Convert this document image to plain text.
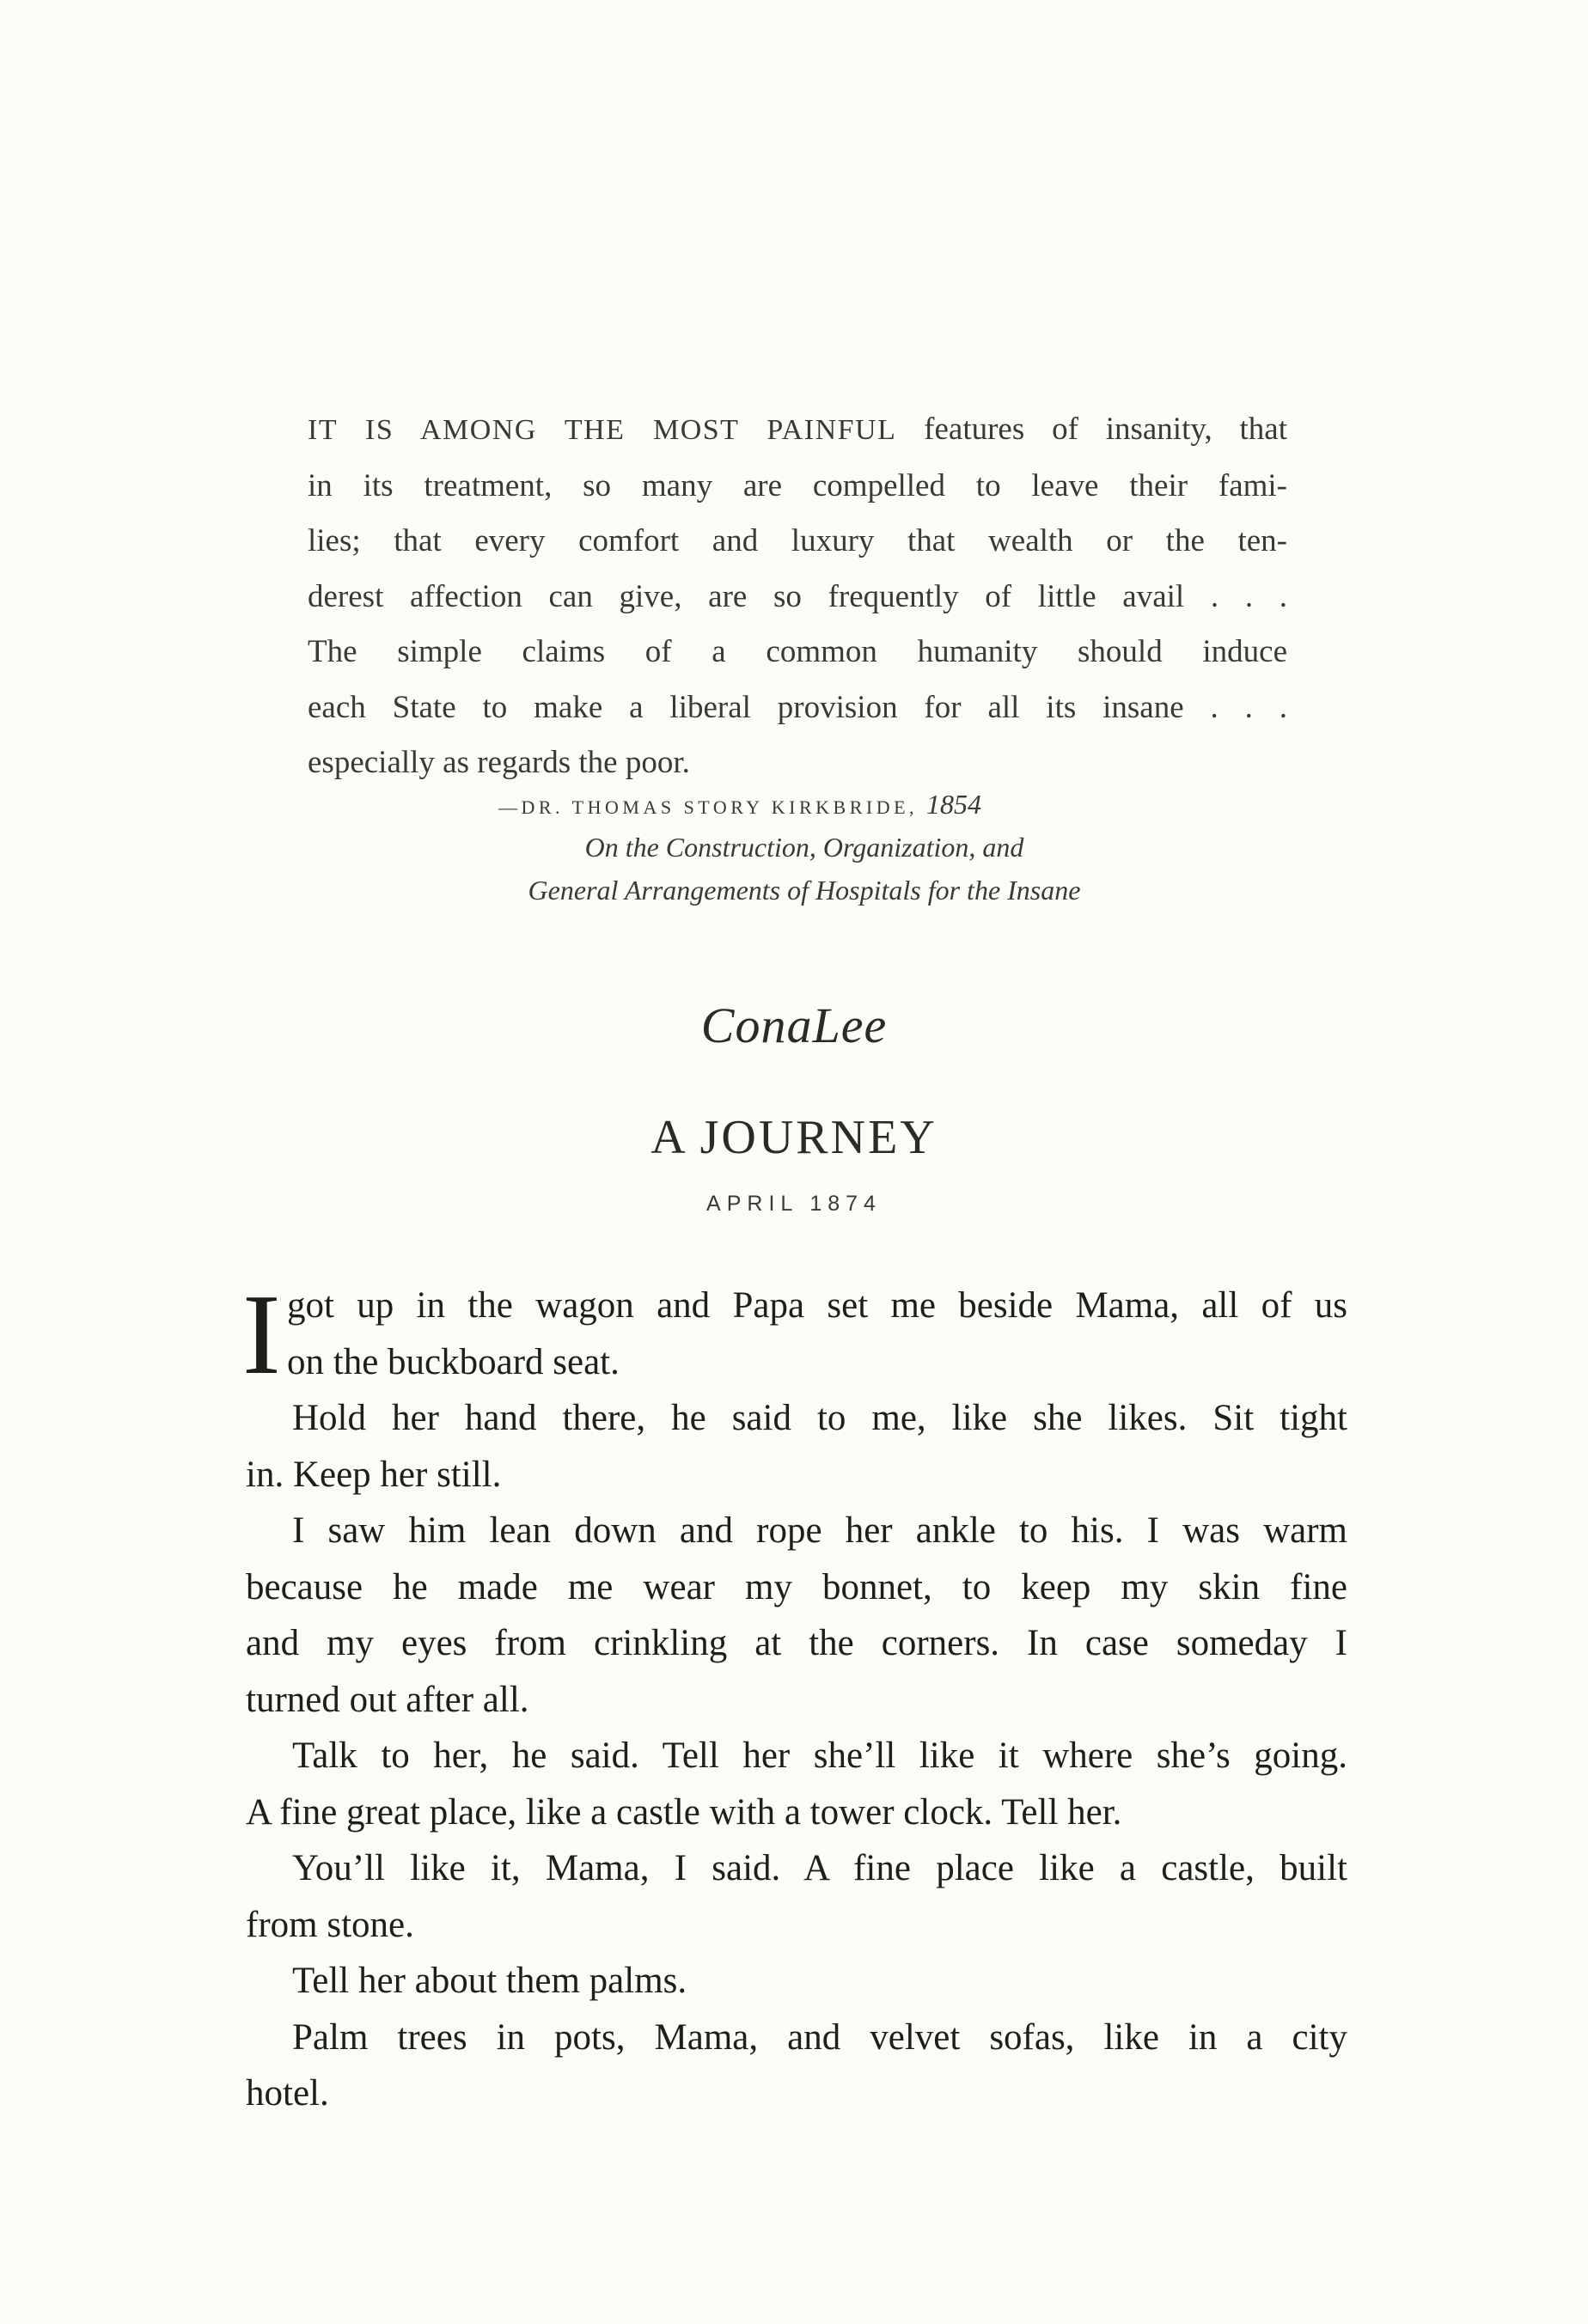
IT IS AMONG THE MOST PAINFUL features of insanity, that
in its treatment, so many are compelled to leave their fami-
lies; that every comfort and luxury that wealth or the ten-
derest affection can give, are so frequently of little avail . . .
The simple claims of a common humanity should induce
each State to make a liberal provision for all its insane . . .
especially as regards the poor.
—DR. THOMAS STORY KIRKBRIDE, 1854
On the Construction, Organization, and
General Arrangements of Hospitals for the Insane
ConaLee
A JOURNEY
APRIL 1874
I got up in the wagon and Papa set me beside Mama, all of us
on the buckboard seat.
Hold her hand there, he said to me, like she likes. Sit tight
in. Keep her still.
I saw him lean down and rope her ankle to his. I was warm
because he made me wear my bonnet, to keep my skin fine
and my eyes from crinkling at the corners. In case someday I
turned out after all.
Talk to her, he said. Tell her she’ll like it where she’s going.
A fine great place, like a castle with a tower clock. Tell her.
You’ll like it, Mama, I said. A fine place like a castle, built
from stone.
Tell her about them palms.
Palm trees in pots, Mama, and velvet sofas, like in a city
hotel.
